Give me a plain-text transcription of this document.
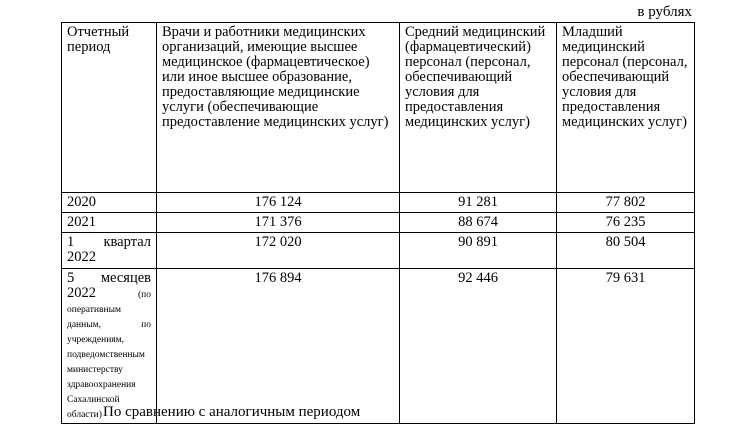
в рублях
Отчетный период	Врачи и работники медицинских организаций, имеющие высшее медицинское (фармацевтическое) или иное высшее образование, предоставляющие медицинские услуги (обеспечивающие предоставление медицинских услуг)	Средний медицинский (фармацевтический) персонал (персонал, обеспечивающий условия для предоставления медицинских услуг)	Младший медицинский персонал (персонал, обеспечивающий условия для предоставления медицинских услуг)
2020	176 124	91 281	77 802
2021	171 376	88 674	76 235
1 квартал 2022	172 020	90 891	80 504
5 месяцев 2022 (по оперативным данным, по учреждениям, подведомственным министерству здравоохранения Сахалинской области)	176 894	92 446	79 631
По сравнению с аналогичным периодом
